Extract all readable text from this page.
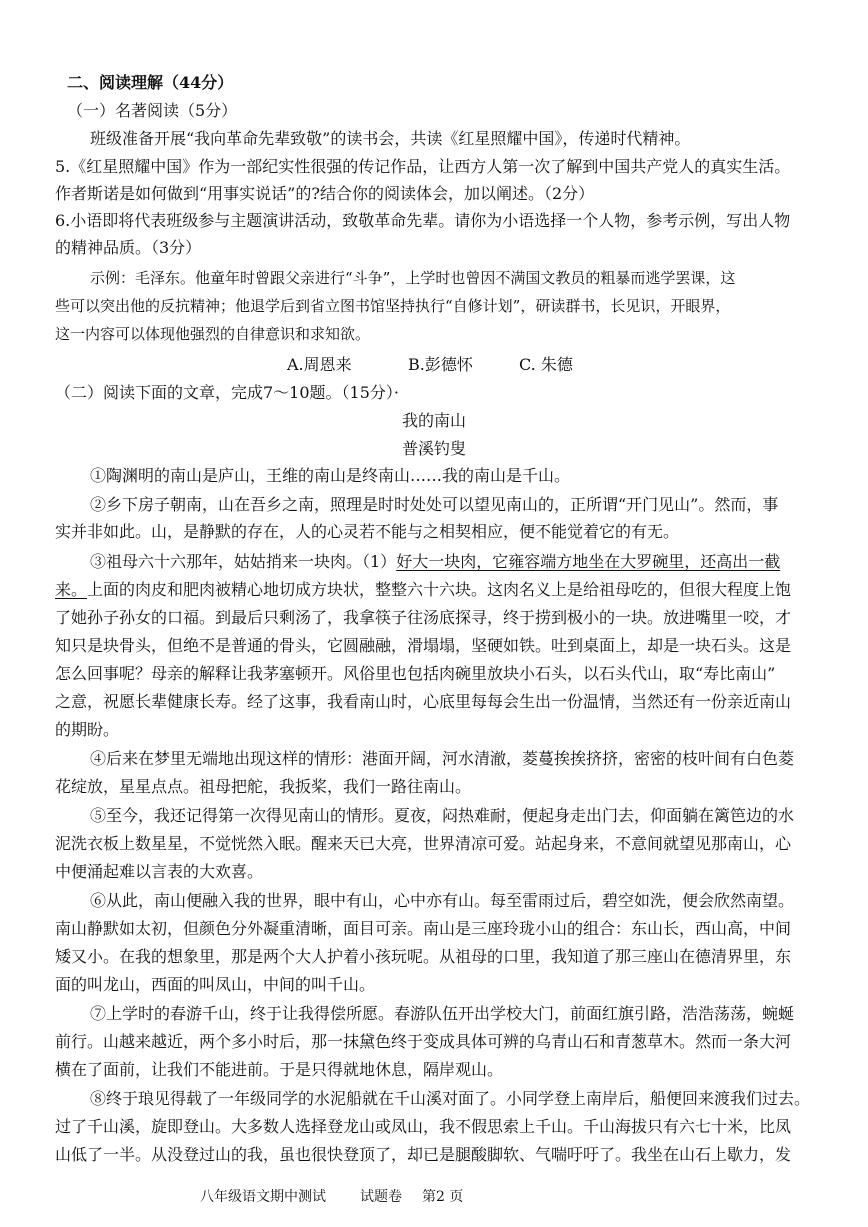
二、阅读理解（44分）
（一）名著阅读（5分）
班级准备开展“我向革命先辈致敬”的读书会，共读《红星照耀中国》，传递时代精神。
5.《红星照耀中国》作为一部纪实性很强的传记作品，让西方人第一次了解到中国共产党人的真实生活。
作者斯诺是如何做到“用事实说话”的?结合你的阅读体会，加以阐述。（2分）
6.小语即将代表班级参与主题演讲活动，致敬革命先辈。请你为小语选择一个人物，参考示例，写出人物
的精神品质。（3分）
示例：毛泽东。他童年时曾跟父亲进行“斗争”，上学时也曾因不满国文教员的粗暴而逃学罢课，这
些可以突出他的反抗精神；他退学后到省立图书馆坚持执行“自修计划”，研读群书，长见识，开眼界，
这一内容可以体现他强烈的自律意识和求知欲。
A.周恩来	B.彭德怀	C. 朱德
（二）阅读下面的文章，完成7～10题。（15分）·
我的南山
普溪钓叟
①陶渊明的南山是庐山，王维的南山是终南山……我的南山是千山。
②乡下房子朝南，山在吾乡之南，照理是时时处处可以望见南山的，正所谓“开门见山”。然而，事
实并非如此。山，是静默的存在，人的心灵若不能与之相契相应，便不能觉着它的有无。
③祖母六十六那年，姑姑捎来一块肉。（1）好大一块肉，它雍容端方地坐在大罗碗里，还高出一截
来。上面的肉皮和肥肉被精心地切成方块状，整整六十六块。这肉名义上是给祖母吃的，但很大程度上饱
了她孙子孙女的口福。到最后只剩汤了，我拿筷子往汤底探寻，终于捞到极小的一块。放进嘴里一咬，才
知只是块骨头，但绝不是普通的骨头，它圆融融，滑塌塌，坚硬如铁。吐到桌面上，却是一块石头。这是
怎么回事呢？母亲的解释让我茅塞顿开。风俗里也包括肉碗里放块小石头，以石头代山，取“寿比南山”
之意，祝愿长辈健康长寿。经了这事，我看南山时，心底里每每会生出一份温情，当然还有一份亲近南山
的期盼。
④后来在梦里无端地出现这样的情形：港面开阔，河水清澈，菱蔓挨挨挤挤，密密的枝叶间有白色菱
花绽放，星星点点。祖母把舵，我扳桨，我们一路往南山。
⑤至今，我还记得第一次得见南山的情形。夏夜，闷热难耐，便起身走出门去，仰面躺在篱笆边的水
泥洗衣板上数星星，不觉恍然入眠。醒来天已大亮，世界清凉可爱。站起身来，不意间就望见那南山，心
中便涌起难以言表的大欢喜。
⑥从此，南山便融入我的世界，眼中有山，心中亦有山。每至雷雨过后，碧空如洗，便会欣然南望。
南山静默如太初，但颜色分外凝重清晰，面目可亲。南山是三座玲珑小山的组合：东山长，西山高，中间
矮又小。在我的想象里，那是两个大人护着小孩玩呢。从祖母的口里，我知道了那三座山在德清界里，东
面的叫龙山，西面的叫凤山，中间的叫千山。
⑦上学时的春游千山，终于让我得偿所愿。春游队伍开出学校大门，前面红旗引路，浩浩荡荡，蜿蜒
前行。山越来越近，两个多小时后，那一抹黛色终于变成具体可辨的乌青山石和青葱草木。然而一条大河
横在了面前，让我们不能进前。于是只得就地休息，隔岸观山。
⑧终于琅见得载了一年级同学的水泥船就在千山溪对面了。小同学登上南岸后，船便回来渡我们过去。
过了千山溪，旋即登山。大多数人选择登龙山或凤山，我不假思索上千山。千山海拔只有六七十米，比凤
山低了一半。从没登过山的我，虽也很快登顶了，却已是腿酸脚软、气喘吁吁了。我坐在山石上歇力，发
八年级语文期中测试 试题卷 第2 页
